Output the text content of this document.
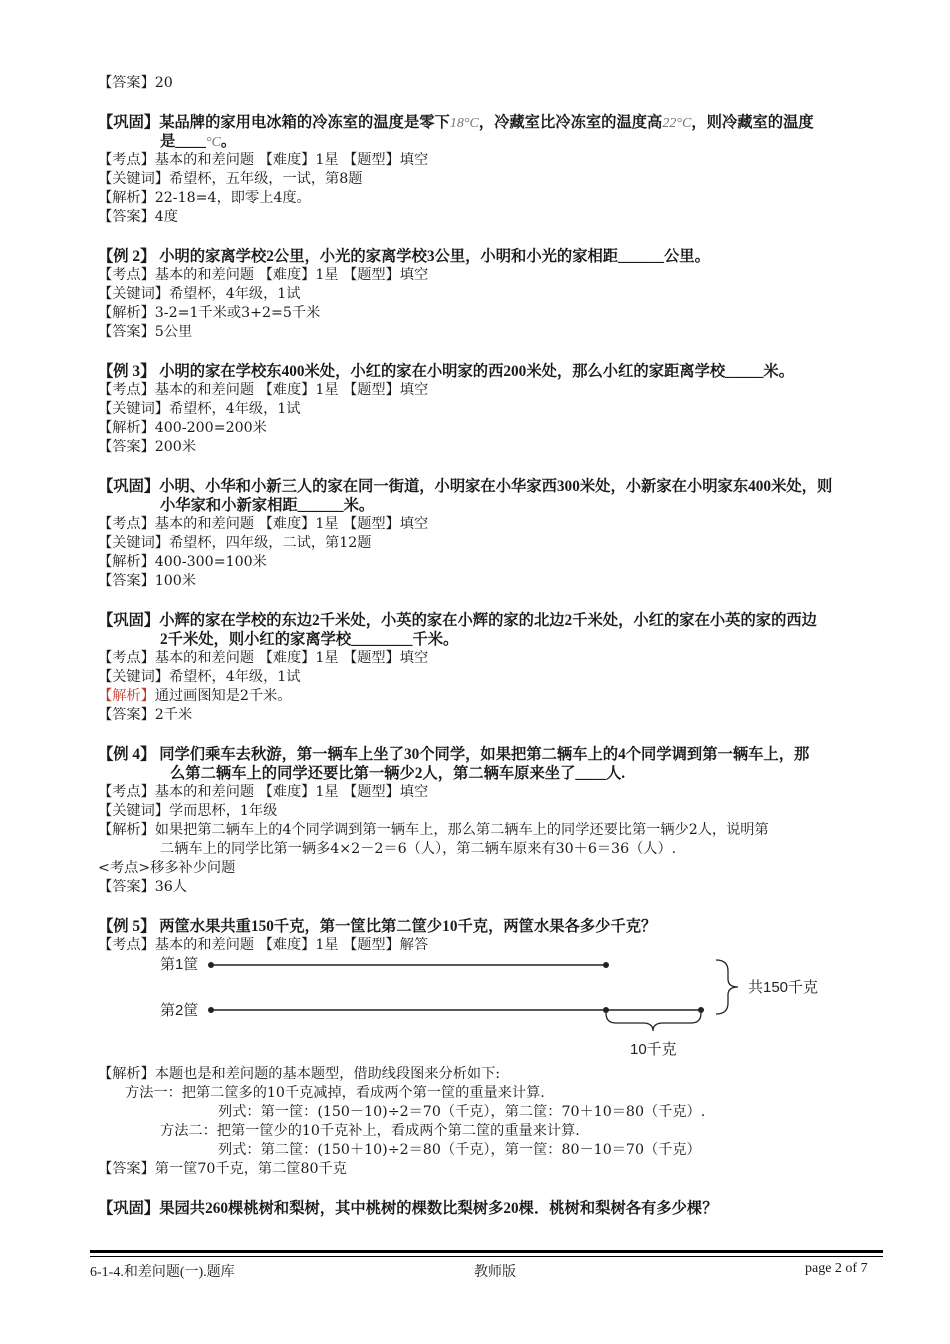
【答案】20
【巩固】某品牌的家用电冰箱的冷冻室的温度是零下18°C，冷藏室比冷冻室的温度高22°C，则冷藏室的温度
是____°C。
【考点】基本的和差问题 【难度】1星 【题型】填空
【关键词】希望杯，五年级，一试，第8题
【解析】22-18=4，即零上4度。
【答案】4度
【例 2】 小明的家离学校2公里，小光的家离学校3公里，小明和小光的家相距______公里。
【考点】基本的和差问题 【难度】1星 【题型】填空
【关键词】希望杯，4年级，1试
【解析】3-2=1千米或3+2=5千米
【答案】5公里
【例 3】 小明的家在学校东400米处，小红的家在小明家的西200米处，那么小红的家距离学校_____米。
【考点】基本的和差问题 【难度】1星 【题型】填空
【关键词】希望杯，4年级，1试
【解析】400-200=200米
【答案】200米
【巩固】小明、小华和小新三人的家在同一街道，小明家在小华家西300米处，小新家在小明家东400米处，则
小华家和小新家相距______米。
【考点】基本的和差问题 【难度】1星 【题型】填空
【关键词】希望杯，四年级，二试，第12题
【解析】400-300=100米
【答案】100米
【巩固】小辉的家在学校的东边2千米处，小英的家在小辉的家的北边2千米处，小红的家在小英的家的西边
2千米处，则小红的家离学校________千米。
【考点】基本的和差问题 【难度】1星 【题型】填空
【关键词】希望杯，4年级，1试
【解析】通过画图知是2千米。
【答案】2千米
【例 4】 同学们乘车去秋游，第一辆车上坐了30个同学，如果把第二辆车上的4个同学调到第一辆车上，那
么第二辆车上的同学还要比第一辆少2人，第二辆车原来坐了____人.
【考点】基本的和差问题 【难度】1星 【题型】填空
【关键词】学而思杯，1年级
【解析】如果把第二辆车上的4个同学调到第一辆车上，那么第二辆车上的同学还要比第一辆少2人，说明第
二辆车上的同学比第一辆多4×2－2＝6（人），第二辆车原来有30＋6＝36（人）.
<考点>移多补少问题
【答案】36人
【例 5】 两筐水果共重150千克，第一筐比第二筐少10千克，两筐水果各多少千克？
【考点】基本的和差问题 【难度】1星 【题型】解答
第1筐
第2筐
10千克
共150千克
【解析】本题也是和差问题的基本题型，借助线段图来分析如下:
方法一：把第二筐多的10千克减掉，看成两个第一筐的重量来计算.
列式：第一筐：(150－10)÷2＝70（千克），第二筐：70＋10＝80（千克）.
方法二：把第一筐少的10千克补上，看成两个第二筐的重量来计算.
列式：第二筐：(150＋10)÷2＝80（千克），第一筐：80－10＝70（千克）
【答案】第一筐70千克，第二筐80千克
【巩固】果园共260棵桃树和梨树，其中桃树的棵数比梨树多20棵．桃树和梨树各有多少棵？
6-1-4.和差问题(一).题库	教师版	page 2 of 7
